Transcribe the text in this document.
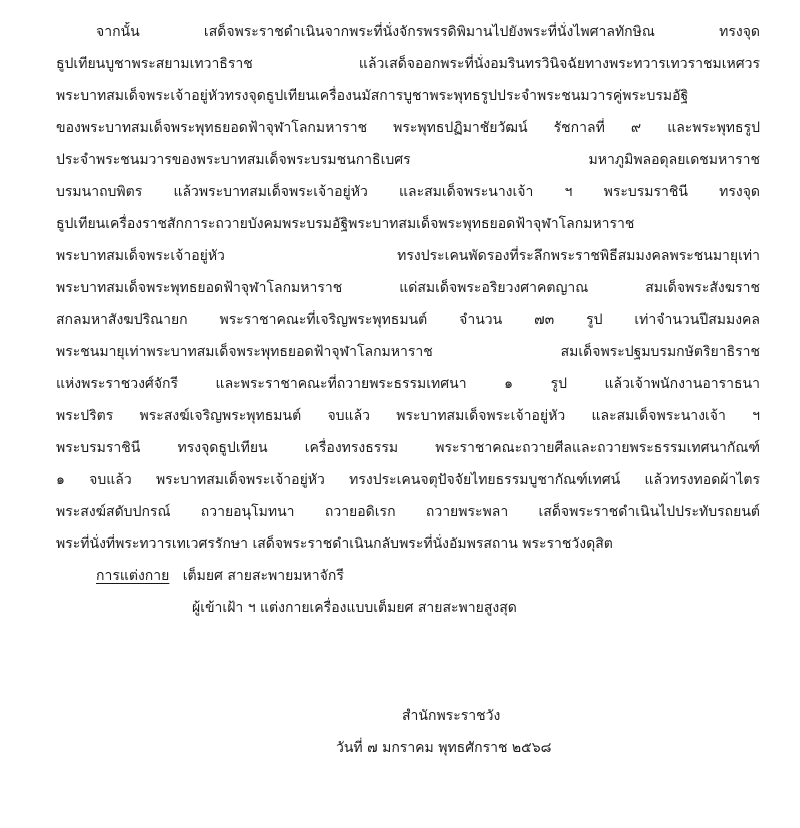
จากนั้น เสด็จพระราชดำเนินจากพระที่นั่งจักรพรรดิพิมานไปยังพระที่นั่งไพศาลทักษิณ ทรงจุด
ธูปเทียนบูชาพระสยามเทวาธิราช แล้วเสด็จออกพระที่นั่งอมรินทรวินิจฉัยทางพระทวารเทวราชมเหศวร
พระบาทสมเด็จพระเจ้าอยู่หัวทรงจุดธูปเทียนเครื่องนมัสการบูชาพระพุทธรูปประจำพระชนมวารคู่พระบรมอัฐิ
ของพระบาทสมเด็จพระพุทธยอดฟ้าจุฬาโลกมหาราช พระพุทธปฏิมาชัยวัฒน์ รัชกาลที่ ๙ และพระพุทธรูป
ประจำพระชนมวารของพระบาทสมเด็จพระบรมชนกาธิเบศร มหาภูมิพลอดุลยเดชมหาราช
บรมนาถบพิตร แล้วพระบาทสมเด็จพระเจ้าอยู่หัว และสมเด็จพระนางเจ้า ฯ พระบรมราชินี ทรงจุด
ธูปเทียนเครื่องราชสักการะถวายบังคมพระบรมอัฐิพระบาทสมเด็จพระพุทธยอดฟ้าจุฬาโลกมหาราช
พระบาทสมเด็จพระเจ้าอยู่หัว ทรงประเคนพัดรองที่ระลึกพระราชพิธีสมมงคลพระชนมายุเท่า
พระบาทสมเด็จพระพุทธยอดฟ้าจุฬาโลกมหาราช แด่สมเด็จพระอริยวงศาคตญาณ สมเด็จพระสังฆราช
สกลมหาสังฆปริณายก พระราชาคณะที่เจริญพระพุทธมนต์ จำนวน ๗๓ รูป เท่าจำนวนปีสมมงคล
พระชนมายุเท่าพระบาทสมเด็จพระพุทธยอดฟ้าจุฬาโลกมหาราช สมเด็จพระปฐมบรมกษัตริยาธิราช
แห่งพระราชวงศ์จักรี และพระราชาคณะที่ถวายพระธรรมเทศนา ๑ รูป แล้วเจ้าพนักงานอาราธนา
พระปริตร พระสงฆ์เจริญพระพุทธมนต์ จบแล้ว พระบาทสมเด็จพระเจ้าอยู่หัว และสมเด็จพระนางเจ้า ฯ
พระบรมราชินี ทรงจุดธูปเทียน เครื่องทรงธรรม พระราชาคณะถวายศีลและถวายพระธรรมเทศนากัณฑ์
๑ จบแล้ว พระบาทสมเด็จพระเจ้าอยู่หัว ทรงประเคนจตุปัจจัยไทยธรรมบูชากัณฑ์เทศน์ แล้วทรงทอดผ้าไตร
พระสงฆ์สดับปกรณ์ ถวายอนุโมทนา ถวายอดิเรก ถวายพระพลา เสด็จพระราชดำเนินไปประทับรถยนต์
พระที่นั่งที่พระทวารเทเวศรรักษา เสด็จพระราชดำเนินกลับพระที่นั่งอัมพรสถาน พระราชวังดุสิต
การแต่งกาย เต็มยศ สายสะพายมหาจักรี
ผู้เข้าเฝ้า ฯ แต่งกายเครื่องแบบเต็มยศ สายสะพายสูงสุด
สำนักพระราชวัง
วันที่ ๗ มกราคม พุทธศักราช ๒๕๖๘
